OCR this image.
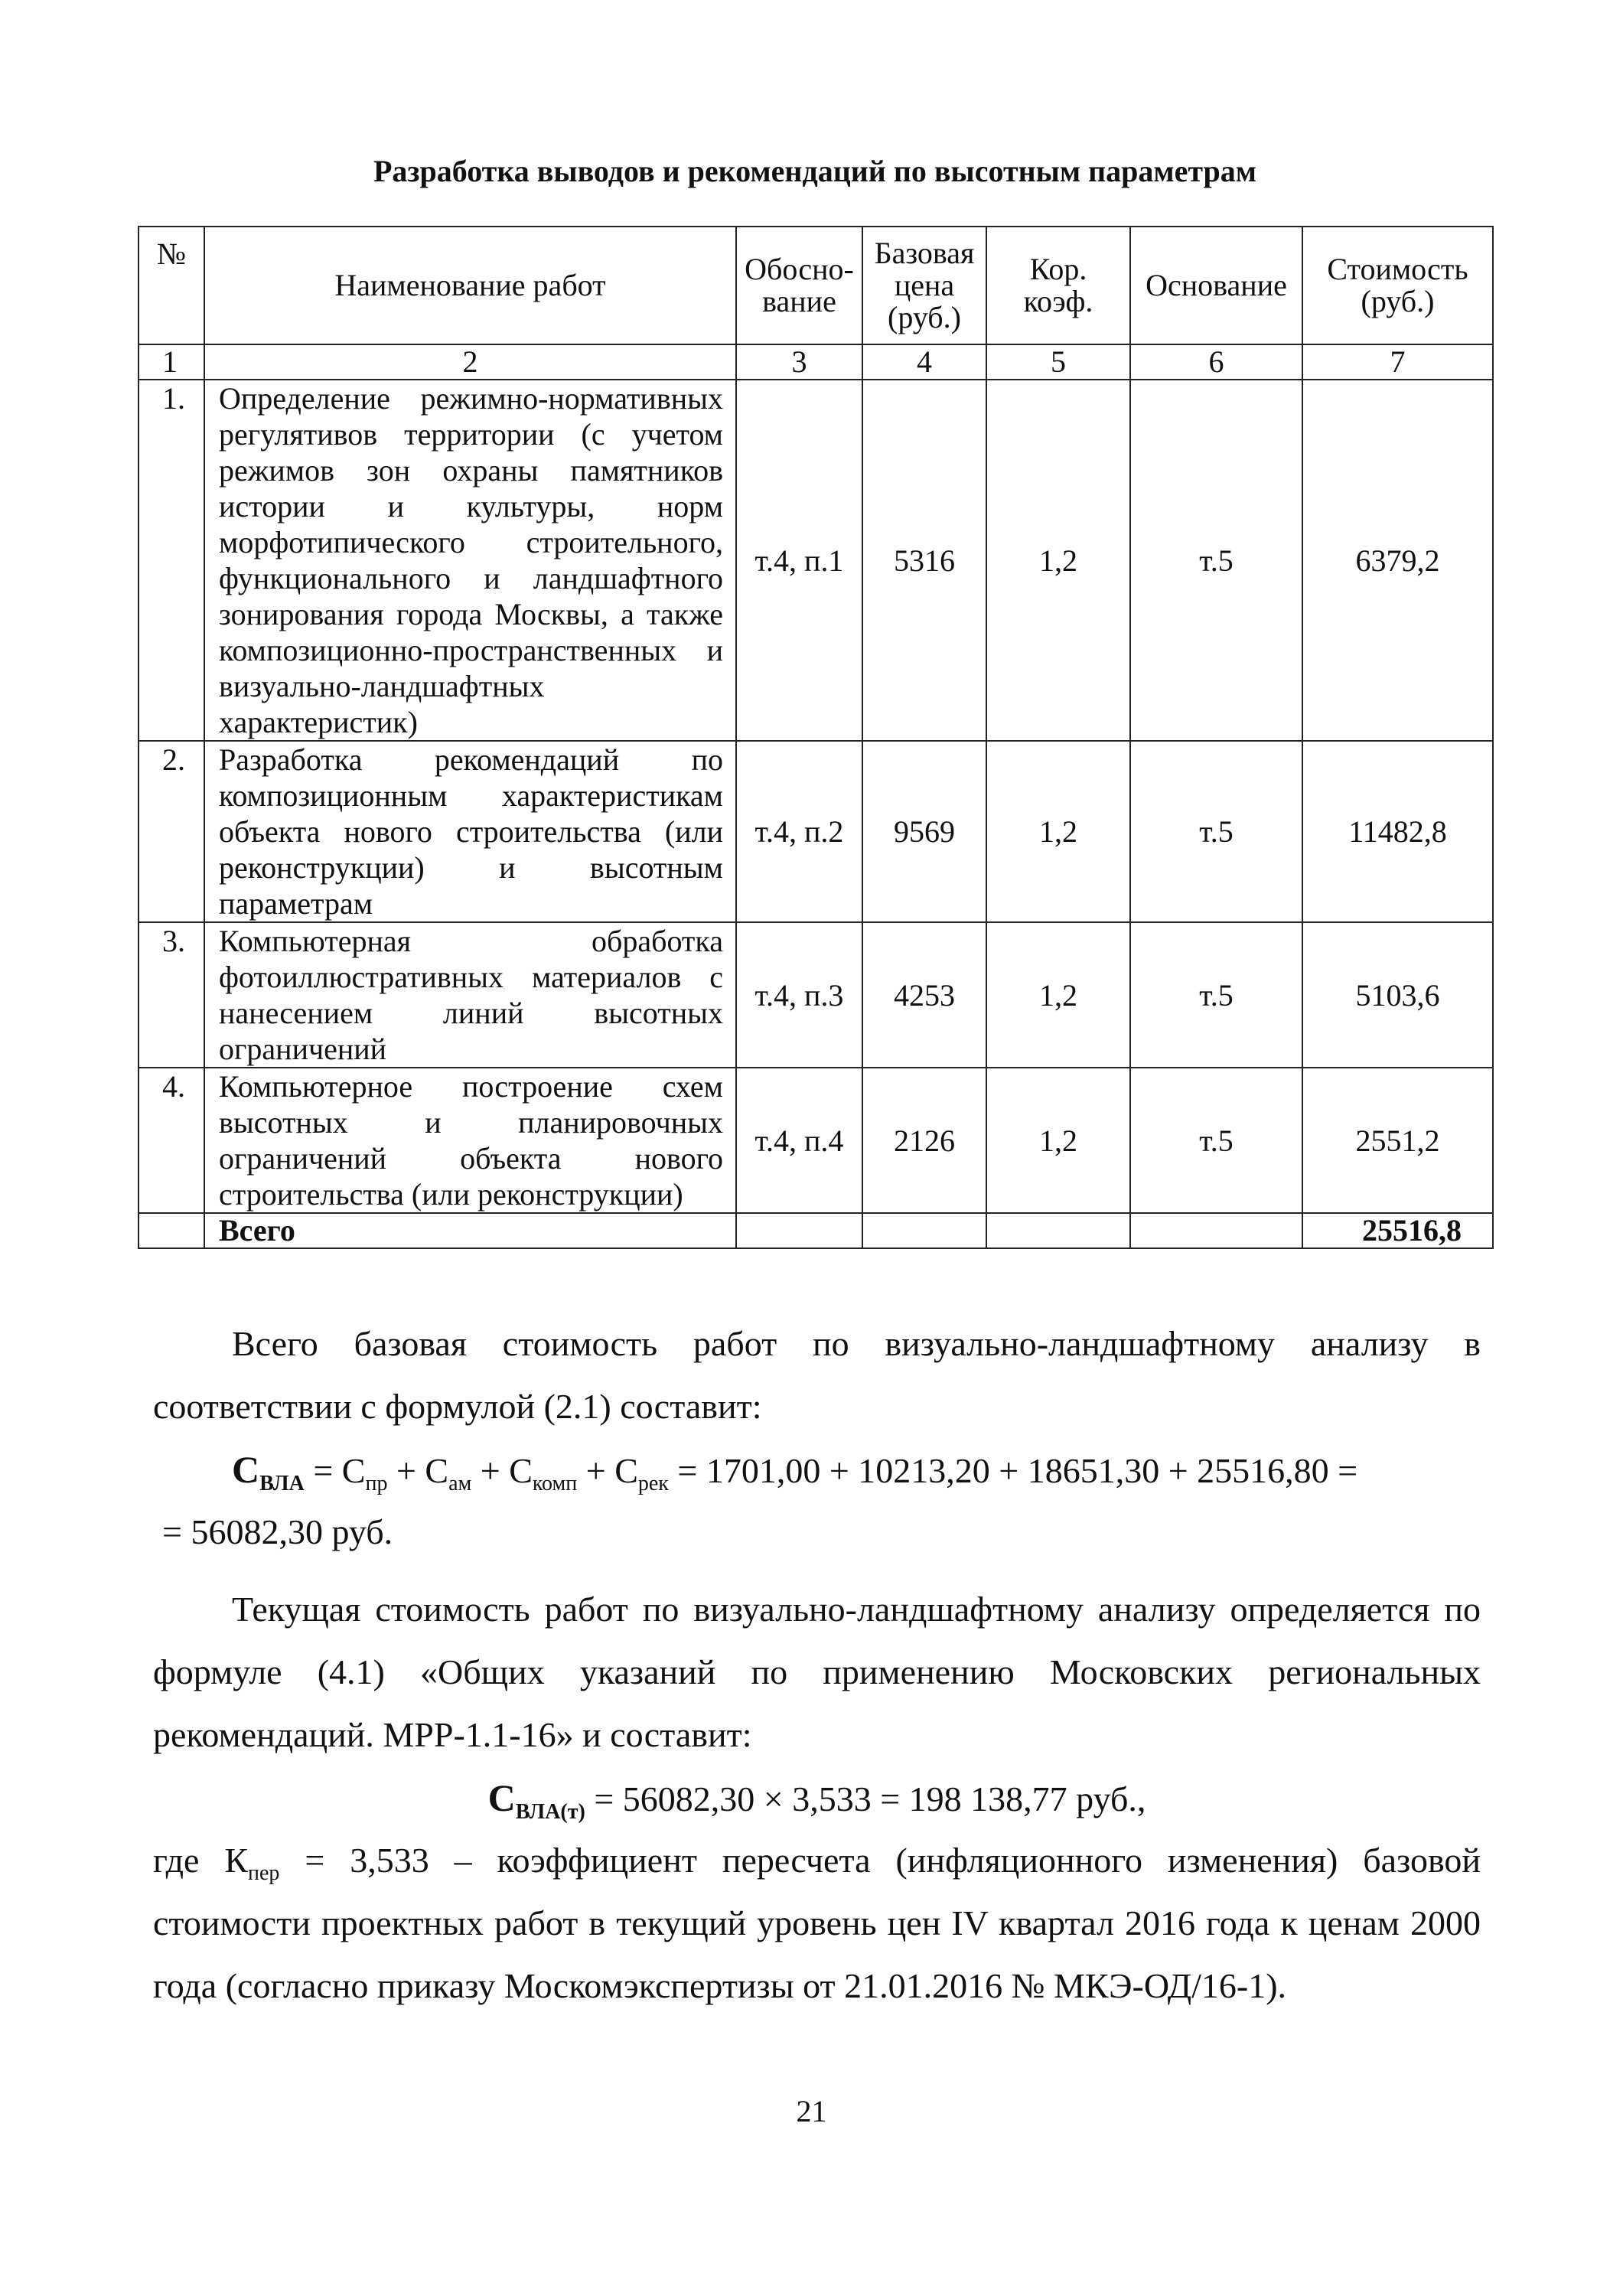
Разработка выводов и рекомендаций по высотным параметрам
№	Наименование работ	Обосно-вание	Базовая цена (руб.)	Кор. коэф.	Основание	Стоимость (руб.)
1	2	3	4	5	6	7
1.	Определение режимно-нормативных регулятивов территории (с учетом режимов зон охраны памятников истории и культуры, норм морфотипического строительного, функционального и ландшафтного зонирования города Москвы, а также композиционно-пространственных и визуально-ландшафтных характеристик)	т.4, п.1	5316	1,2	т.5	6379,2
2.	Разработка рекомендаций по композиционным характеристикам объекта нового строительства (или реконструкции) и высотным параметрам	т.4, п.2	9569	1,2	т.5	11482,8
3.	Компьютерная обработка фотоиллюстративных материалов с нанесением линий высотных ограничений	т.4, п.3	4253	1,2	т.5	5103,6
4.	Компьютерное построение схем высотных и планировочных ограничений объекта нового строительства (или реконструкции)	т.4, п.4	2126	1,2	т.5	2551,2
	Всего					25516,8
Всего базовая стоимость работ по визуально-ландшафтному анализу в соответствии с формулой (2.1) составит:
$С_{ВЛА} = С_{пр} + С_{ам} + С_{комп} + С_{рек} = 1701,00 + 10213,20 + 18651,30 + 25516,80$ =
= 56082,30 руб.
Текущая стоимость работ по визуально-ландшафтному анализу определяется по формуле (4.1) «Общих указаний по применению Московских региональных рекомендаций. МРР-1.1-16» и составит:
$С_{ВЛА(т)} = 56082,30 \times 3,533 = 198$ 138,77 руб.,
где $К_{пер} = 3,533$ – коэффициент пересчета (инфляционного изменения) базовой стоимости проектных работ в текущий уровень цен IV квартал 2016 года к ценам 2000 года (согласно приказу Москомэкспертизы от 21.01.2016 № МКЭ-ОД/16-1).
21
